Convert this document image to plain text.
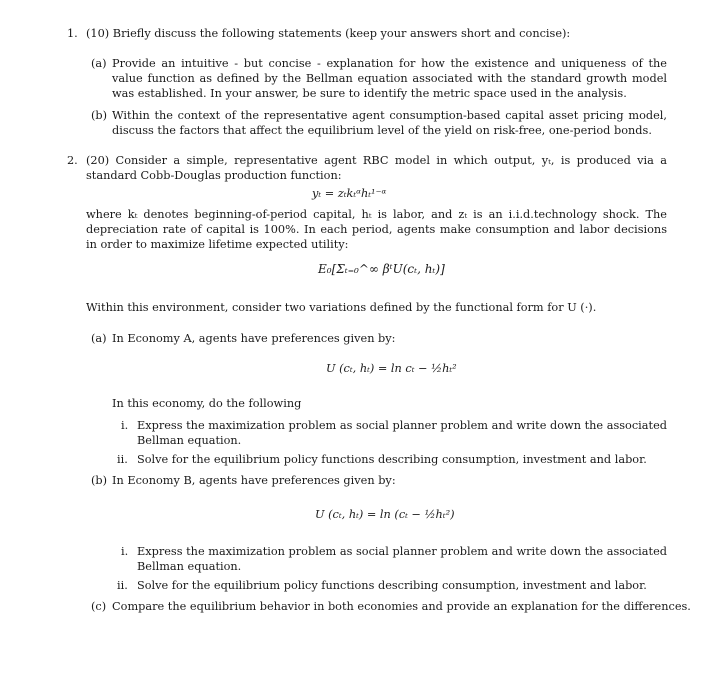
1. (10) Briefly discuss the following statements (keep your answers short and concise):
(a) Provide an intuitive - but concise - explanation for how the existence and uniqueness of the value function as defined by the Bellman equation associated with the standard growth model was established. In your answer, be sure to identify the metric space used in the analysis.
(b) Within the context of the representative agent consumption-based capital asset pricing model, discuss the factors that affect the equilibrium level of the yield on risk-free, one-period bonds.
2. (20) Consider a simple, representative agent RBC model in which output, yₜ, is produced via a standard Cobb-Douglas production function:
yₜ = zₜkₜᵅhₜ¹⁻ᵅ
where kₜ denotes beginning-of-period capital, hₜ is labor, and zₜ is an i.i.d.technology shock. The depreciation rate of capital is 100%. In each period, agents make consumption and labor decisions in order to maximize lifetime expected utility:
E₀[Σₜ₌₀^∞ βᵗU(cₜ, hₜ)]
Within this environment, consider two variations defined by the functional form for U (·).
(a) In Economy A, agents have preferences given by:
U (cₜ, hₜ) = ln cₜ − ½hₜ²
In this economy, do the following
i. Express the maximization problem as social planner problem and write down the associated Bellman equation.
ii. Solve for the equilibrium policy functions describing consumption, investment and labor.
(b) In Economy B, agents have preferences given by:
U (cₜ, hₜ) = ln (cₜ − ½hₜ²)
i. Express the maximization problem as social planner problem and write down the associated Bellman equation.
ii. Solve for the equilibrium policy functions describing consumption, investment and labor.
(c) Compare the equilibrium behavior in both economies and provide an explanation for the differences.
